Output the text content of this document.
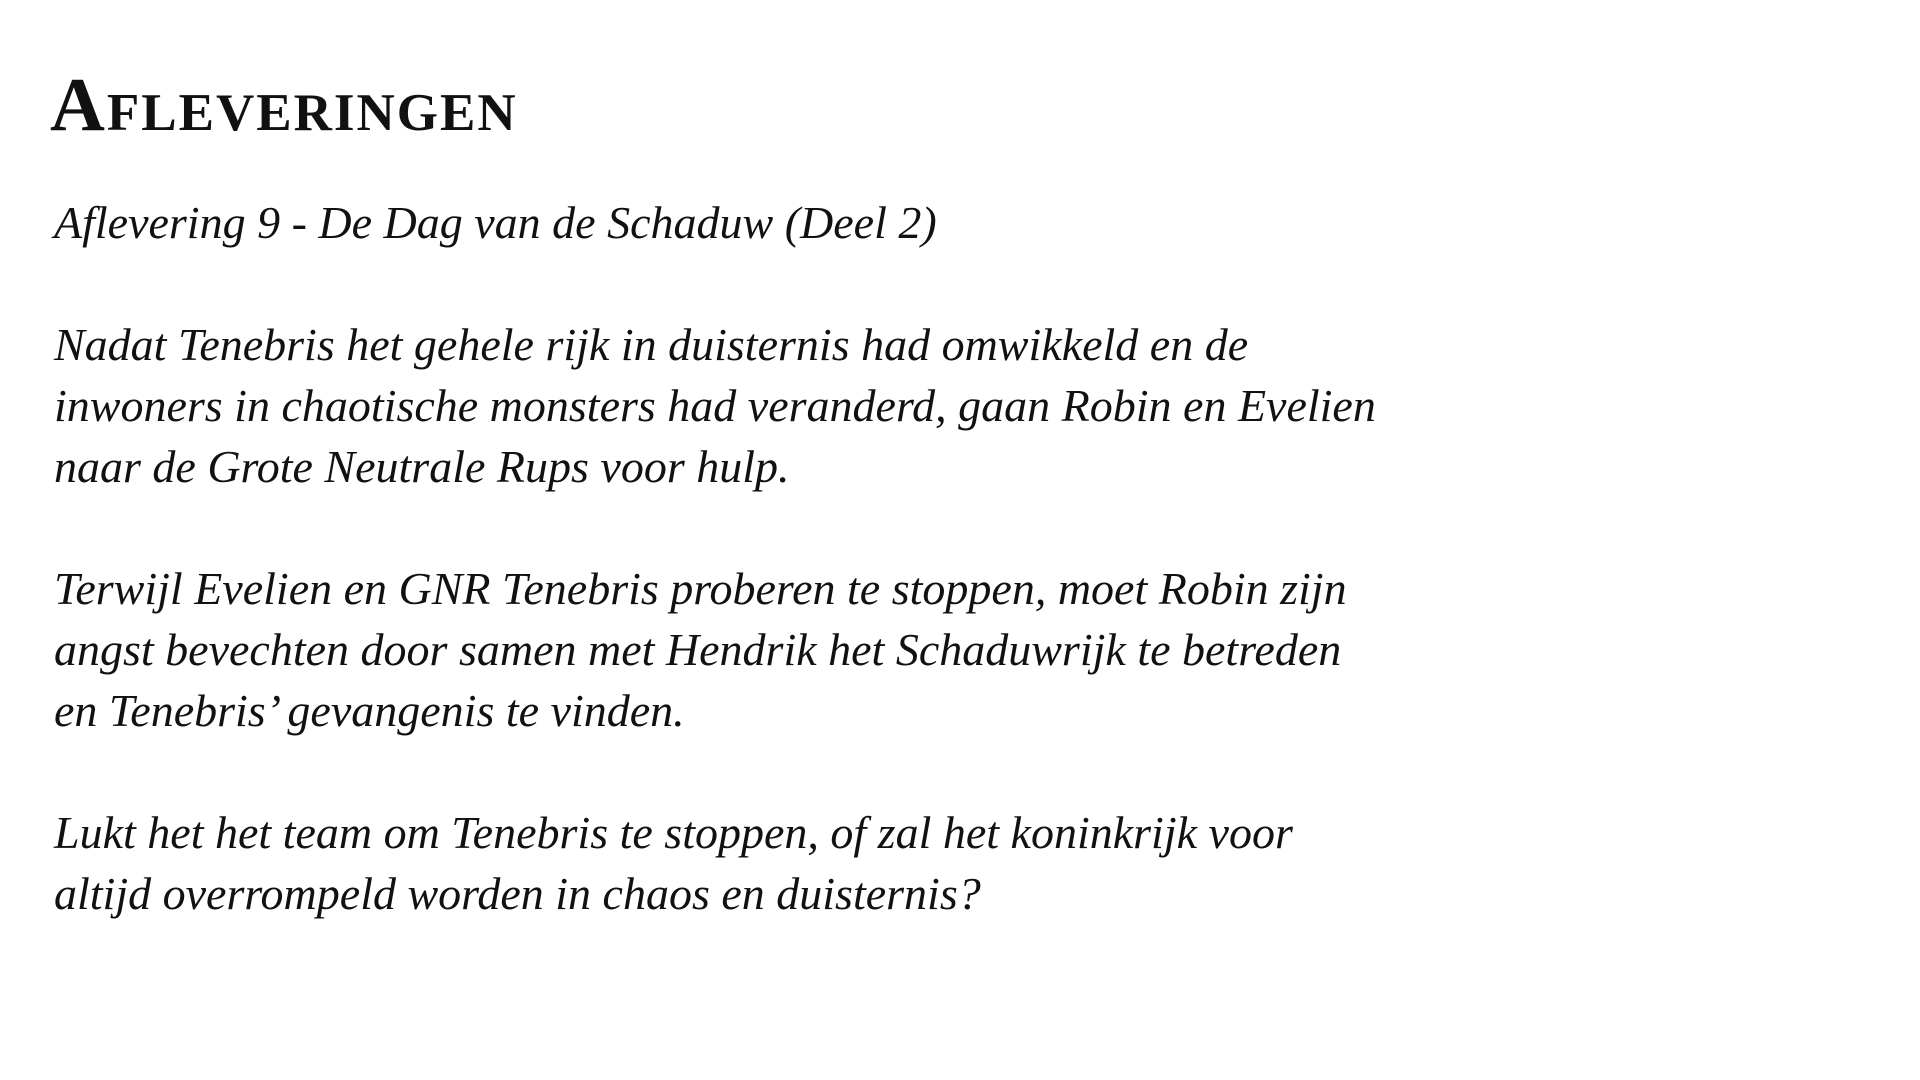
Afleveringen

Aflevering 9 - De Dag van de Schaduw (Deel 2)

Nadat Tenebris het gehele rijk in duisternis had omwikkeld en de
inwoners in chaotische monsters had veranderd, gaan Robin en Evelien
naar de Grote Neutrale Rups voor hulp.

Terwijl Evelien en GNR Tenebris proberen te stoppen, moet Robin zijn
angst bevechten door samen met Hendrik het Schaduwrijk te betreden
en Tenebris’ gevangenis te vinden.

Lukt het het team om Tenebris te stoppen, of zal het koninkrijk voor
altijd overrompeld worden in chaos en duisternis?
